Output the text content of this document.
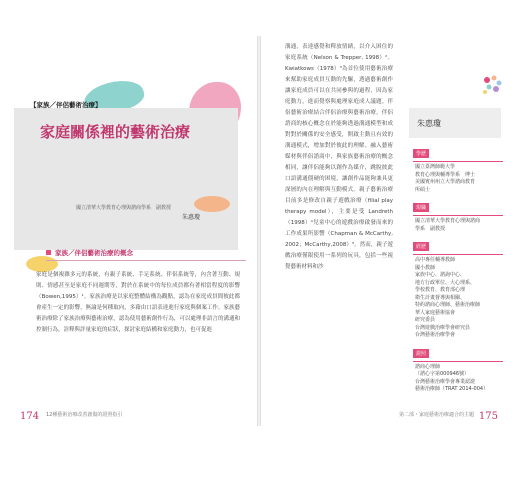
【家族／伴侶藝術治療】
家庭關係裡的藝術治療
國立清華大學教育心理與諮商學系　副教授
朱惠瓊
家族／伴侶藝術治療的概念
家庭是個複雜多元的系統，有親子系統、手足系統、伴侶系統等，內含著互動、規則、情感甚至是家庭不同週期等，對於在系統中的每位成員都有著相當程度的影響（Bowen,1995）¹。家族治療是以家庭整體結構為觀點，認為在家庭成員間彼此都會產生一定的影響，無論是何種取向，多藉由口語表達進行家庭與個案工作。家族藝術治療除了家族治療與藝術治療，認為使用藝術創作行為，可以處理非語言的溝通和控制行為，詮釋與評量家庭的症狀，探討家庭結構和家庭動力，也可促進
174 12種藝術治療改善創傷的證照指引
溝通，表達感覺和釋放情緒，以介入困住的家庭系統（Nelson & Trepper, 1998）²。Kwiatkows（1978）³為首位使用藝術治療來幫助家庭成員互動的先驅，透過藝術創作讓家庭成員可以在共同參與的過程，因為家庭動力，進而覺察與處理家庭成人議題。伴侶藝術治療結合伴侶治療與藝術治療，伴侶諮商的核心概念在於能夠透過溝通模型和成對對於關係的安全感受，開啟主動且有效的溝通模式，增加對於彼此的理解。融入藝術媒材與伴侶諮商中，與家族藝術治療的概念相同，讓伴侶能夠以創作為媒介，跳脫彼此口語溝通僵硬的困境，讓創作品能夠兼具更深層的內在理解與互動模式。親子藝術治療目前多是修改自親子遊戲治療（filial play therapy model），主要是受 Landreth（1998）⁴兒童中心的遊戲治療啟發而來的工作成果所影響（Chapman & McCarthy, 2002；McCarthy,2008）⁵。然而，親子遊戲治療僅限使用一系列的玩具，包括一些視覺藝術材料和沙
朱惠瓊
學歷
國立臺灣師範大學
教育心理與輔導學系　博士
美國賓州州立大學諮商教育
所碩士
現職
國立清華大學教育心理與諮商
學系　副教授
經歷
高中專任輔導教師
國小教師
家族中心、諮詢中心、
地方行政單位、大心理系、
學校教育、教育部心理
衛生計畫督導與相關、
特約諮商心理師、藝術治療師
華人家庭藝術協會
研究委員
台灣遊戲治療學會研究員
台灣藝術治療學會
證照
諮商心理師
（諮心字第000946號）
台灣藝術治療學會專業認證
藝術治療師（TRAT 2014-004）
第二部・家庭藝術治療適合的主題 175
